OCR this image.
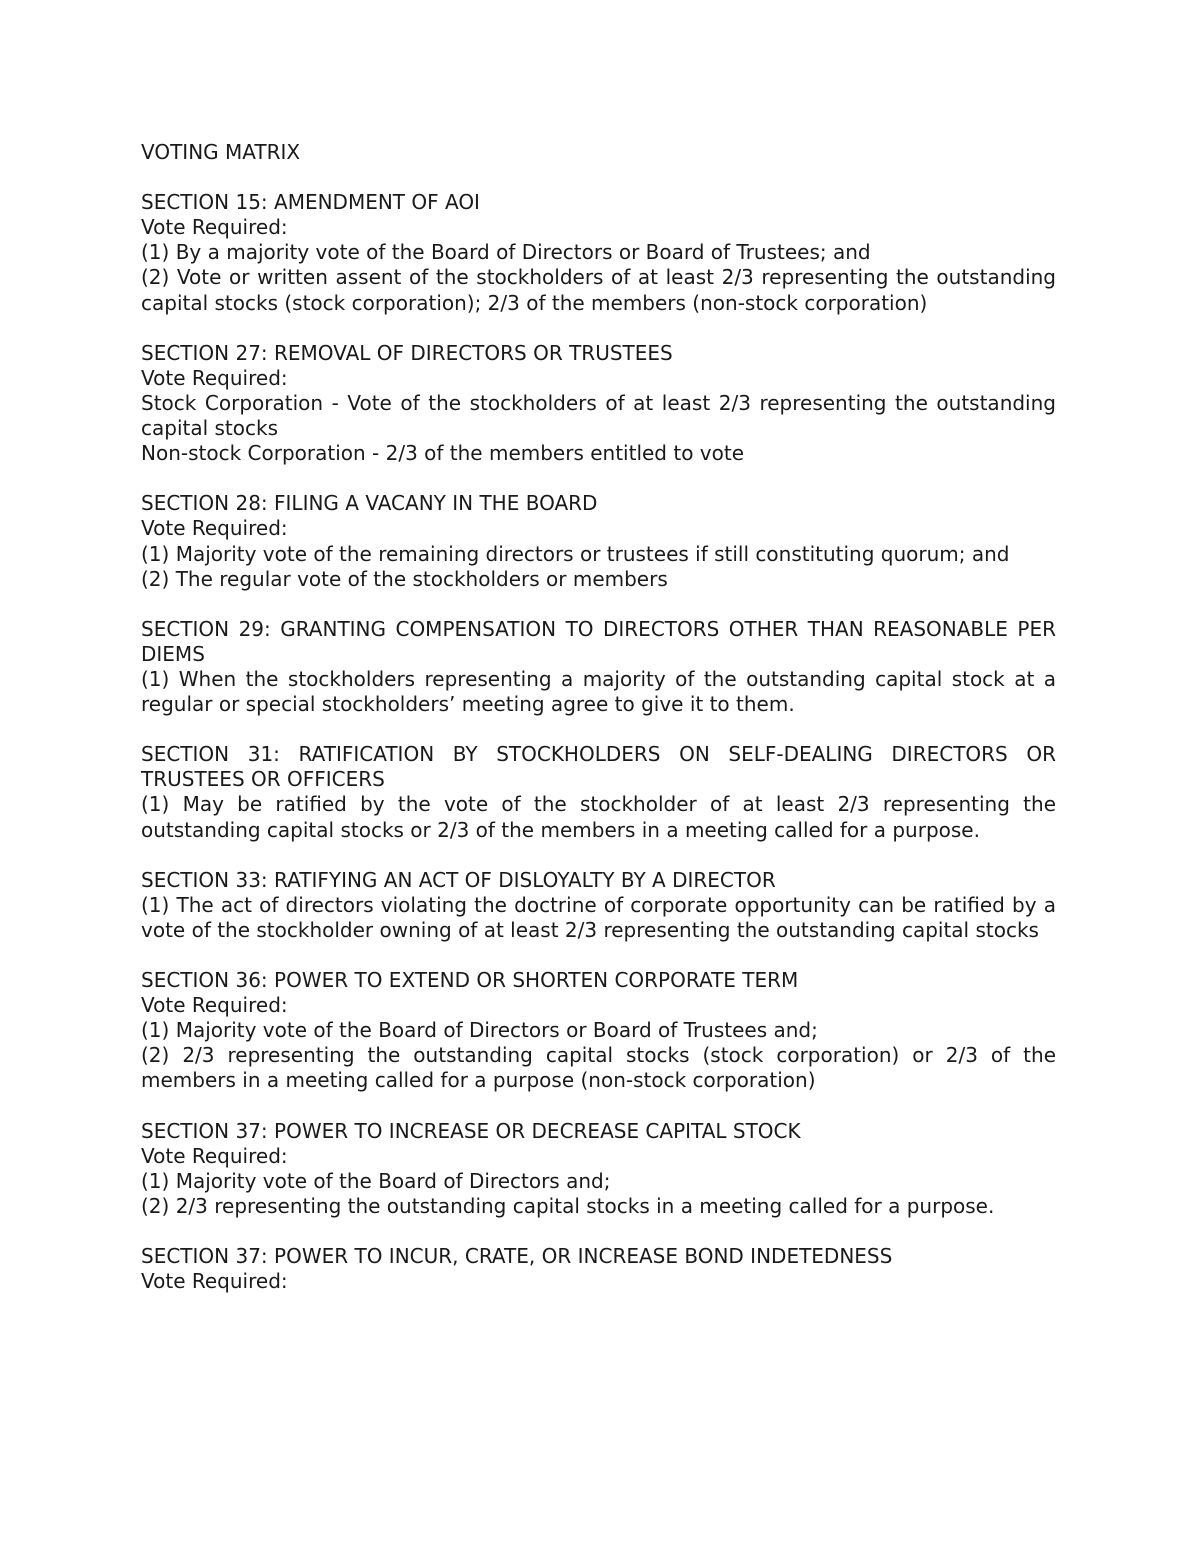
VOTING MATRIX

SECTION 15: AMENDMENT OF AOI

Vote Required:

(1) By a majority vote of the Board of Directors or Board of Trustees; and

(2) Vote or written assent of the stockholders of at least 2/3 representing the outstanding capital stocks (stock corporation); 2/3 of the members (non-stock corporation)

SECTION 27: REMOVAL OF DIRECTORS OR TRUSTEES

Vote Required:

Stock Corporation - Vote of the stockholders of at least 2/3 representing the outstanding capital stocks

Non-stock Corporation - 2/3 of the members entitled to vote

SECTION 28: FILING A VACANY IN THE BOARD

Vote Required:

(1) Majority vote of the remaining directors or trustees if still constituting quorum; and

(2) The regular vote of the stockholders or members

SECTION 29: GRANTING COMPENSATION TO DIRECTORS OTHER THAN REASONABLE PER DIEMS

(1) When the stockholders representing a majority of the outstanding capital stock at a regular or special stockholders’ meeting agree to give it to them.

SECTION 31: RATIFICATION BY STOCKHOLDERS ON SELF-DEALING DIRECTORS OR TRUSTEES OR OFFICERS

(1) May be ratified by the vote of the stockholder of at least 2/3 representing the outstanding capital stocks or 2/3 of the members in a meeting called for a purpose.

SECTION 33: RATIFYING AN ACT OF DISLOYALTY BY A DIRECTOR

(1) The act of directors violating the doctrine of corporate opportunity can be ratified by a vote of the stockholder owning of at least 2/3 representing the outstanding capital stocks

SECTION 36: POWER TO EXTEND OR SHORTEN CORPORATE TERM

Vote Required:

(1) Majority vote of the Board of Directors or Board of Trustees and;

(2) 2/3 representing the outstanding capital stocks (stock corporation) or 2/3 of the members in a meeting called for a purpose (non-stock corporation)

SECTION 37: POWER TO INCREASE OR DECREASE CAPITAL STOCK

Vote Required:

(1) Majority vote of the Board of Directors and;

(2) 2/3 representing the outstanding capital stocks in a meeting called for a purpose.

SECTION 37: POWER TO INCUR, CRATE, OR INCREASE BOND INDETEDNESS

Vote Required:
